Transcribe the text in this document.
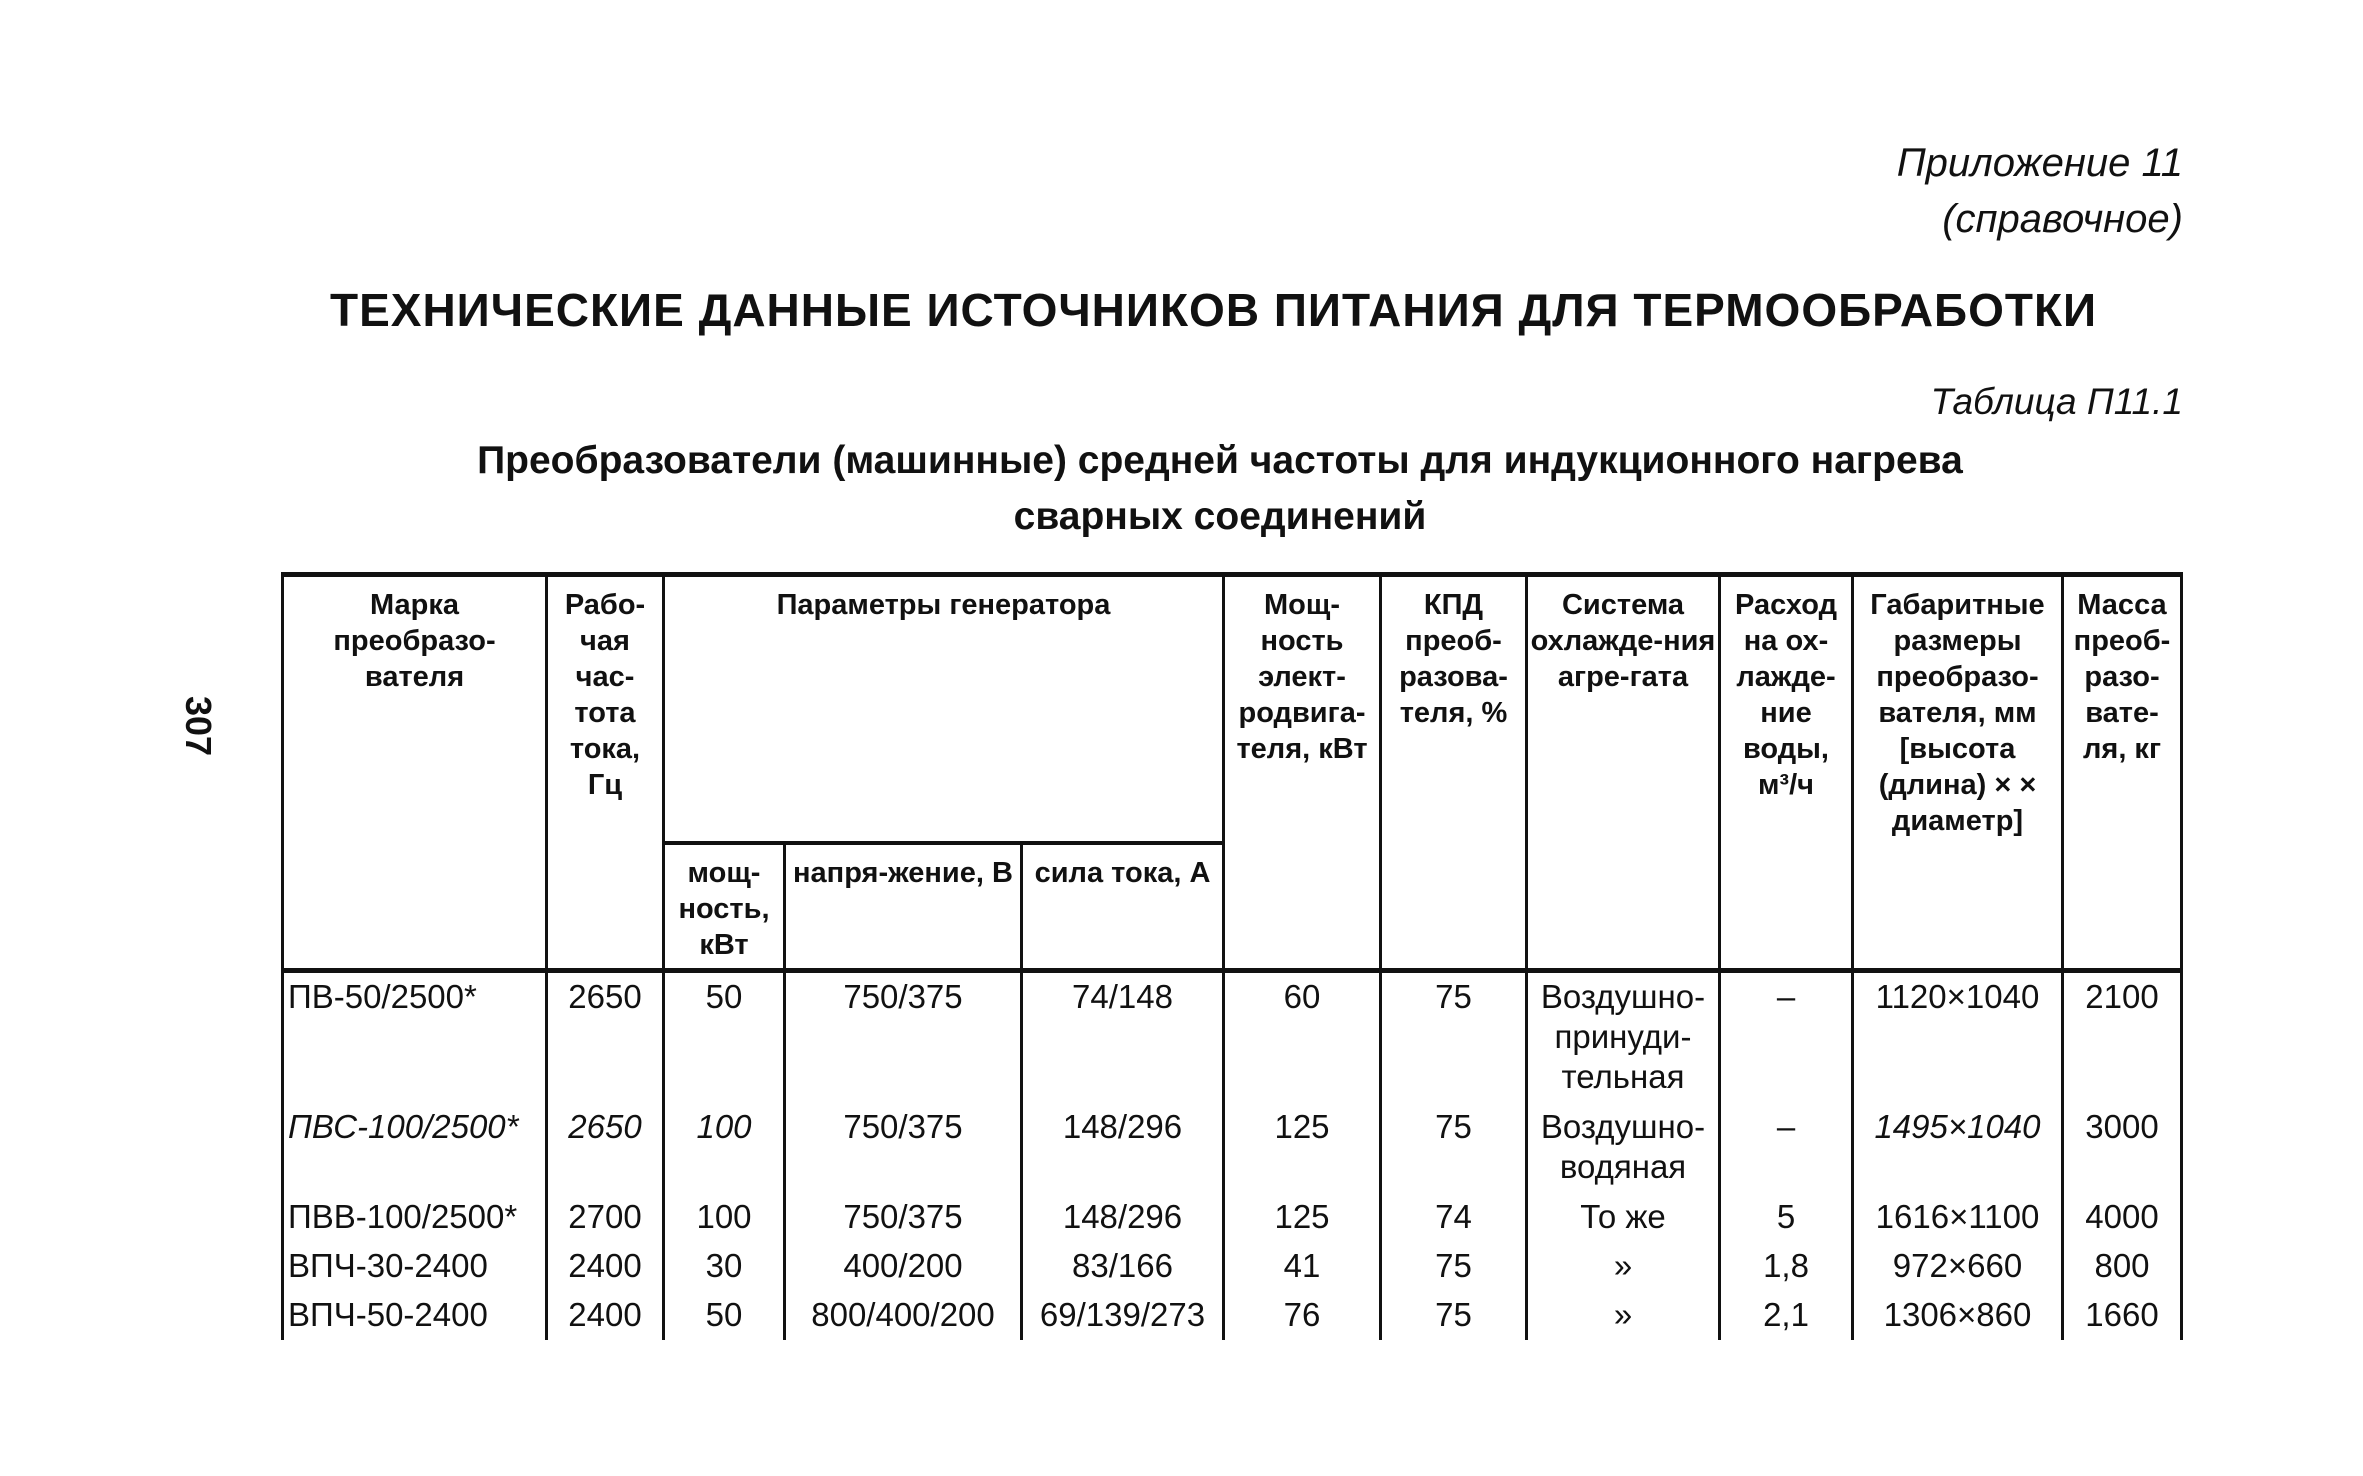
307
Приложение 11
(справочное)
ТЕХНИЧЕСКИЕ ДАННЫЕ ИСТОЧНИКОВ ПИТАНИЯ ДЛЯ ТЕРМООБРАБОТКИ
Таблица П11.1
Преобразователи (машинные) средней частоты для индукционного нагрева сварных соединений
Марка преобразо-вателя	Рабо-чая час-тота тока, Гц	Параметры генератора			Мощ-ность элект-родвига-теля, кВт	КПД преоб-разова-теля, %	Система охлажде-ния агре-гата	Расход на ох-лажде-ние воды, м³/ч	Габаритные размеры преобразо-вателя, мм [высота (длина) × × диаметр]	Масса преоб-разо-вате-ля, кг
		мощ-ность, кВт	напря-жение, В	сила тока, А						
ПВ-50/2500*	2650	50	750/375	74/148	60	75	Воздушно-принуди-тельная	–	1120×1040	2100
ПВС-100/2500*	2650	100	750/375	148/296	125	75	Воздушно-водяная	–	1495×1040	3000
ПВВ-100/2500*	2700	100	750/375	148/296	125	74	То же	5	1616×1100	4000
ВПЧ-30-2400	2400	30	400/200	83/166	41	75	»	1,8	972×660	800
ВПЧ-50-2400	2400	50	800/400/200	69/139/273	76	75	»	2,1	1306×860	1660
